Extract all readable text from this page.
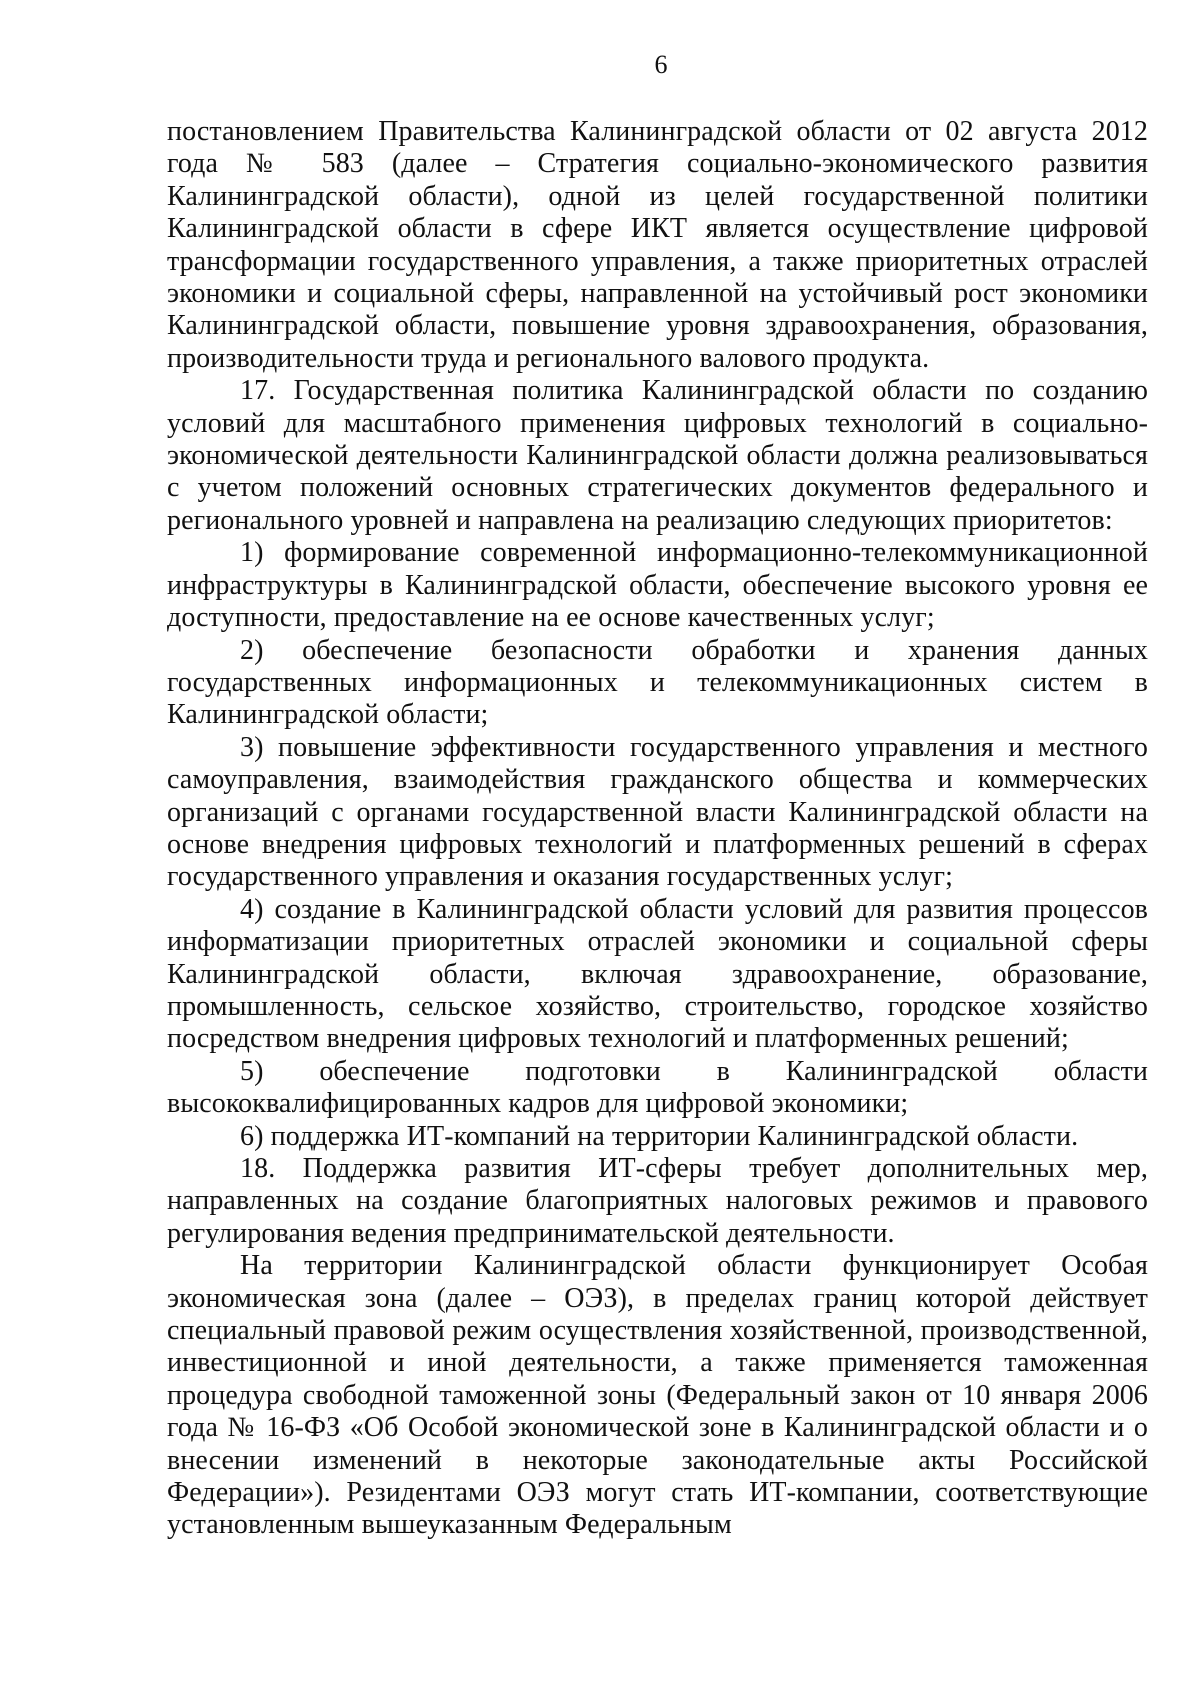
6

постановлением Правительства Калининградской области от 02 августа 2012 года № 583 (далее – Стратегия социально-экономического развития Калининградской области), одной из целей государственной политики Калининградской области в сфере ИКТ является осуществление цифровой трансформации государственного управления, а также приоритетных отраслей экономики и социальной сферы, направленной на устойчивый рост экономики Калининградской области, повышение уровня здравоохранения, образования, производительности труда и регионального валового продукта.

17. Государственная политика Калининградской области по созданию условий для масштабного применения цифровых технологий в социально-экономической деятельности Калининградской области должна реализовываться с учетом положений основных стратегических документов федерального и регионального уровней и направлена на реализацию следующих приоритетов:

1) формирование современной информационно-телекоммуникационной инфраструктуры в Калининградской области, обеспечение высокого уровня ее доступности, предоставление на ее основе качественных услуг;

2) обеспечение безопасности обработки и хранения данных государственных информационных и телекоммуникационных систем в Калининградской области;

3) повышение эффективности государственного управления и местного самоуправления, взаимодействия гражданского общества и коммерческих организаций с органами государственной власти Калининградской области на основе внедрения цифровых технологий и платформенных решений в сферах государственного управления и оказания государственных услуг;

4) создание в Калининградской области условий для развития процессов информатизации приоритетных отраслей экономики и социальной сферы Калининградской области, включая здравоохранение, образование, промышленность, сельское хозяйство, строительство, городское хозяйство посредством внедрения цифровых технологий и платформенных решений;

5) обеспечение подготовки в Калининградской области высококвалифицированных кадров для цифровой экономики;

6) поддержка ИТ-компаний на территории Калининградской области.

18. Поддержка развития ИТ-сферы требует дополнительных мер, направленных на создание благоприятных налоговых режимов и правового регулирования ведения предпринимательской деятельности.

На территории Калининградской области функционирует Особая экономическая зона (далее – ОЭЗ), в пределах границ которой действует специальный правовой режим осуществления хозяйственной, производственной, инвестиционной и иной деятельности, а также применяется таможенная процедура свободной таможенной зоны (Федеральный закон от 10 января 2006 года № 16-ФЗ «Об Особой экономической зоне в Калининградской области и о внесении изменений в некоторые законодательные акты Российской Федерации»). Резидентами ОЭЗ могут стать ИТ-компании, соответствующие установленным вышеуказанным Федеральным
